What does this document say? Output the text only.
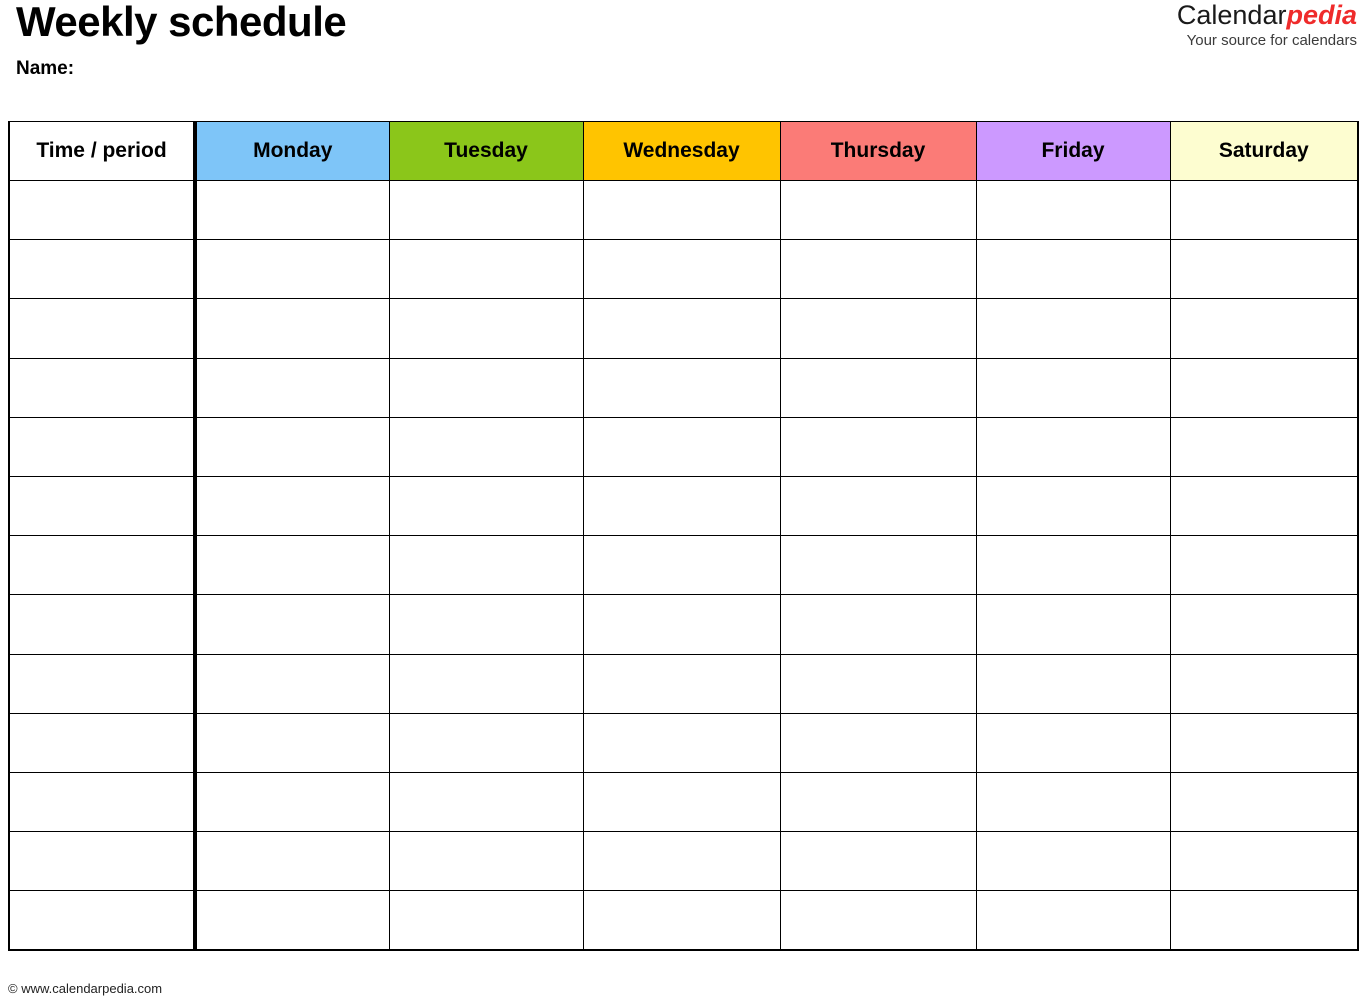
Weekly schedule
Name:
Calendarpedia
Your source for calendars
Time / period	Monday	Tuesday	Wednesday	Thursday	Friday	Saturday

© www.calendarpedia.com
